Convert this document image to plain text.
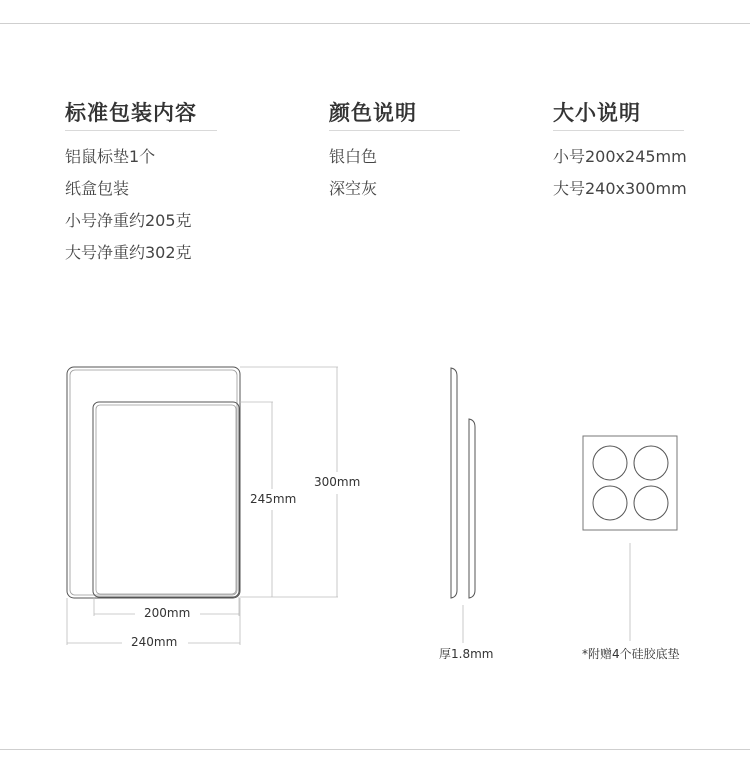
标准包装内容
铝鼠标垫1个
纸盒包装
小号净重约205克
大号净重约302克
颜色说明
银白色
深空灰
大小说明
小号200x245mm
大号240x300mm
300mm
245mm
200mm
240mm
厚1.8mm	*附赠4个硅胶底垫
